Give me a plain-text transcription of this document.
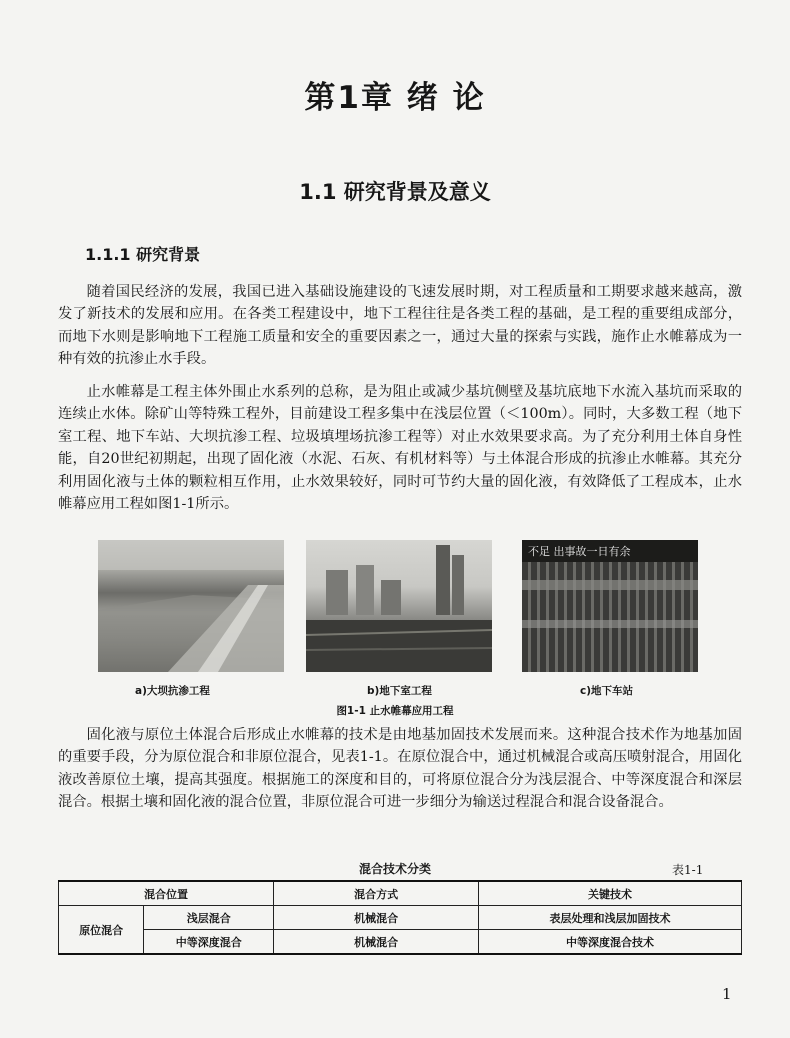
第1章 绪 论
1.1 研究背景及意义
1.1.1 研究背景

随着国民经济的发展，我国已进入基础设施建设的飞速发展时期，对工程质量和工期要求越来越高，激发了新技术的发展和应用。在各类工程建设中，地下工程往往是各类工程的基础，是工程的重要组成部分，而地下水则是影响地下工程施工质量和安全的重要因素之一，通过大量的探索与实践，施作止水帷幕成为一种有效的抗渗止水手段。

止水帷幕是工程主体外围止水系列的总称，是为阻止或减少基坑侧壁及基坑底地下水流入基坑而采取的连续止水体。除矿山等特殊工程外，目前建设工程多集中在浅层位置（＜100m）。同时，大多数工程（地下室工程、地下车站、大坝抗渗工程、垃圾填埋场抗渗工程等）对止水效果要求高。为了充分利用土体自身性能，自20世纪初期起，出现了固化液（水泥、石灰、有机材料等）与土体混合形成的抗渗止水帷幕。其充分利用固化液与土体的颗粒相互作用，止水效果较好，同时可节约大量的固化液，有效降低了工程成本，止水帷幕应用工程如图1-1所示。

不足 出事故一日有余
a)大坝抗渗工程	b)地下室工程	c)地下车站
图1-1 止水帷幕应用工程

固化液与原位土体混合后形成止水帷幕的技术是由地基加固技术发展而来。这种混合技术作为地基加固的重要手段，分为原位混合和非原位混合，见表1-1。在原位混合中，通过机械混合或高压喷射混合，用固化液改善原位土壤，提高其强度。根据施工的深度和目的，可将原位混合分为浅层混合、中等深度混合和深层混合。根据土壤和固化液的混合位置，非原位混合可进一步细分为输送过程混合和混合设备混合。

混合技术分类	表1-1
混合位置		混合方式	关键技术
原位混合	浅层混合	机械混合	表层处理和浅层加固技术
	中等深度混合	机械混合	中等深度混合技术
1
